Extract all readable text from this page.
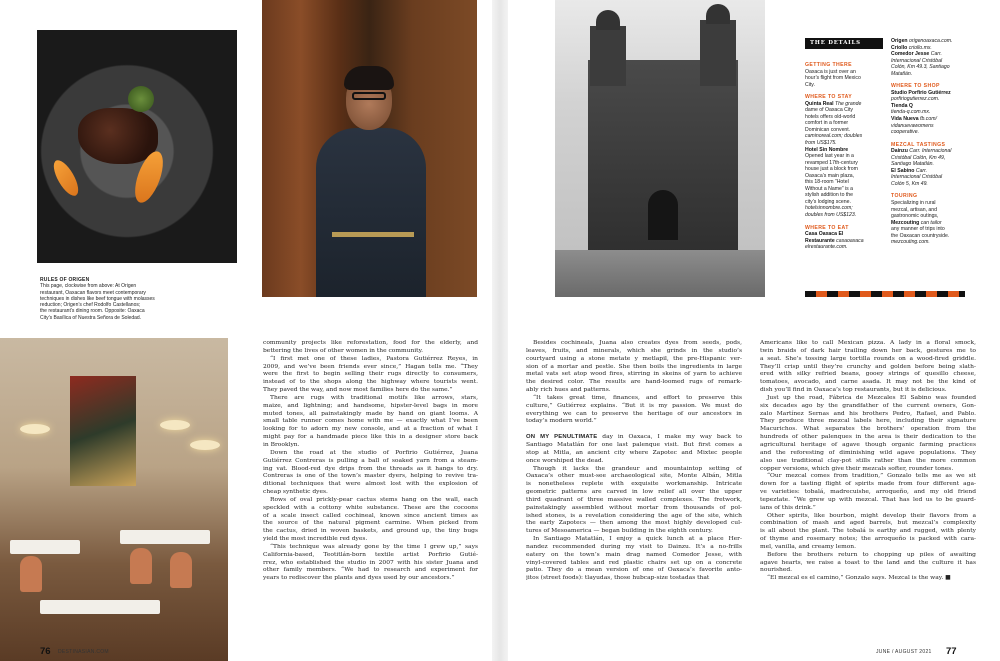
RULES OF ORIGEN
This page, clockwise from above: At Origen
restaurant, Oaxacan flavors meet contemporary
techniques in dishes like beef tongue with molasses
reduction; Origen’s chef Rodolfo Castellanos;
the restaurant’s dining room. Opposite: Oaxaca
City’s Basílica of Nuestra Señora de Soledad.
GETTING THERE
Oaxaca is just over an
hour’s flight from Mexico
City.
WHERE TO STAY
Quinta Real The grande
dame of Oaxaca City
hotels offers old-world
comfort in a former
Dominican convent.
caminoreal.com; doubles
from US$175.
Hotel Sin Nombre
Opened last year in a
revamped 17th-century
house just a block from
Oaxaca’s main plaza,
this 18-room “Hotel
Without a Name” is a
stylish addition to the
city’s lodging scene.
hotelsinnombre.com;
doubles from US$123.
WHERE TO EAT
Casa Oaxaca El
Restaurante casaoaxaca
elrestaurante.com.
Origen origenoaxaca.com.
Criollo criollo.mx.
Comedor Jesse Carr.
Internacional Cristóbal
Colón, Km 49.3, Santiago
Matatlán.
WHERE TO SHOP
Studio Porfirio Gutiérrez
porfiriogutierrez.com.
Tienda Q
tienda-q.com.mx.
Vida Nueva fb.com/
vidanuevawomens
cooperative.
MEZCAL TASTINGS
Dainzu Carr. Internacional
Cristóbal Colón, Km 49,
Santiago Matatlán.
El Sabino Carr.
Internacional Cristóbal
Colón 5, Km 49.
TOURING
Specializing in rural
mezcal, artisan, and
gastronomic outings,
Mezcouting can tailor
any manner of trips into
the Oaxacan countryside.
mezcouting.com.
THE DETAILS
community projects like reforestation, food for the elderly, and
bettering the lives of other women in the community.
“I first met one of these ladies, Pastora Gutiérrez Reyes, in
2009, and we’ve been friends ever since,” Hagan tells me. “They
were the first to begin selling their rugs directly to consumers,
instead of to the shops along the highway where tourists went.
They paved the way, and now most families here do the same.”
There are rugs with traditional motifs like arrows, stars,
maize, and lightning; and handsome, hipster-level bags in more
muted tones, all painstakingly made by hand on giant looms. A
small table runner comes home with me — exactly what I’ve been
looking for to adorn my new console, and at a fraction of what I
might pay for a handmade piece like this in a designer store back
in Brooklyn.
Down the road at the studio of Porfirio Gutiérrez, Juana
Gutiérrez Contreras is pulling a ball of soaked yarn from a steam-
ing vat. Blood-red dye drips from the threads as it hangs to dry.
Contreras is one of the town’s master dyers, helping to revive tra-
ditional techniques that were almost lost with the explosion of
cheap synthetic dyes.
Rows of oval prickly-pear cactus stems hang on the wall, each
speckled with a cottony white substance. These are the cocoons
of a scale insect called cochineal, known since ancient times as
the source of the natural pigment carmine. When picked from
the cactus, dried in woven baskets, and ground up, the tiny bugs
yield the most incredible red dyes.
“This technique was already gone by the time I grew up,” says
California-based, Teotitlán-born textile artist Porfirio Gutié-
rrez, who established the studio in 2007 with his sister Juana and
other family members. “We had to research and experiment for
years to rediscover the plants and dyes used by our ancestors.”
Besides cochineals, Juana also creates dyes from seeds, pods,
leaves, fruits, and minerals, which she grinds in the studio’s
courtyard using a stone metate y metlapil, the pre-Hispanic ver-
sion of a mortar and pestle. She then boils the ingredients in large
metal vats set atop wood fires, stirring in skeins of yarn to achieve
the desired color. The results are hand-loomed rugs of remark-
ably rich hues and patterns.
“It takes great time, finances, and effort to preserve this
culture,” Gutiérrez explains. “But it is my passion. We must do
everything we can to preserve the heritage of our ancestors in
today’s modern world.”
ON MY PENULTIMATE day in Oaxaca, I make my way back to
Santiago Matatlán for one last palenque visit. But first comes a
stop at Mitla, an ancient city where Zapotec and Mixtec people
once worshiped the dead.
Though it lacks the grandeur and mountaintop setting of
Oaxaca’s other must-see archaeological site, Monte Albán, Mitla
is nonetheless replete with exquisite workmanship. Intricate
geometric patterns are carved in low relief all over the upper
third quadrant of three massive walled complexes. The fretwork,
painstakingly assembled without mortar from thousands of pol-
ished stones, is a revelation considering the age of the site, which
the early Zapotecs — then among the most highly developed cul-
tures of Mesoamerica — began building in the eighth century.
In Santiago Matatlán, I enjoy a quick lunch at a place Her-
nandez recommended during my visit to Dainzu. It’s a no-frills
eatery on the town’s main drag named Comedor Jesse, with
vinyl-covered tables and red plastic chairs set up on a concrete
patio. They do a mean version of one of Oaxaca’s favorite anto-
jitos (street foods): tlayudas, those hubcap-size tostadas that
Americans like to call Mexican pizza. A lady in a floral smock,
twin braids of dark hair trailing down her back, gestures me to
a seat. She’s tossing large tortilla rounds on a wood-fired griddle.
They’ll crisp until they’re crunchy and golden before being slath-
ered with silky refried beans, gooey strings of quesillo cheese,
tomatoes, avocado, and carne asada. It may not be the kind of
dish you’ll find in Oaxaca’s top restaurants, but it is delicious.
Just up the road, Fábrica de Mezcales El Sabino was founded
six decades ago by the grandfather of the current owners, Gon-
zalo Martínez Sernas and his brothers Pedro, Rafael, and Pablo.
They produce three mezcal labels here, including their signature
Macurichos. What separates the brothers’ operation from the
hundreds of other palenques in the area is their dedication to the
agricultural heritage of agave though organic farming practices
and the reforesting of diminishing wild agave populations. They
also use traditional clay-pot stills rather than the more common
copper versions, which give their mezcals softer, rounder tones.
“Our mezcal comes from tradition,” Gonzalo tells me as we sit
down for a tasting flight of spirits made from four different aga-
ve varieties: tobalá, madrecuishe, arroqueño, and my old friend
tepeztate. “We grew up with mezcal. That has led us to be guard-
ians of this drink.”
Other spirits, like bourbon, might develop their flavors from a
combination of mash and aged barrels, but mezcal’s complexity
is all about the plant. The tobalá is earthy and rugged, with plenty
of thyme and rosemary notes; the arroqueño is packed with cara-
mel, vanilla, and creamy lemon.
Before the brothers return to chopping up piles of awaiting
agave hearts, we raise a toast to the land and the culture it has
nourished.
“El mezcal es el camino,” Gonzalo says. Mezcal is the way. ■
76 DESTINASIAN.COM	JUNE / AUGUST 2021 77
